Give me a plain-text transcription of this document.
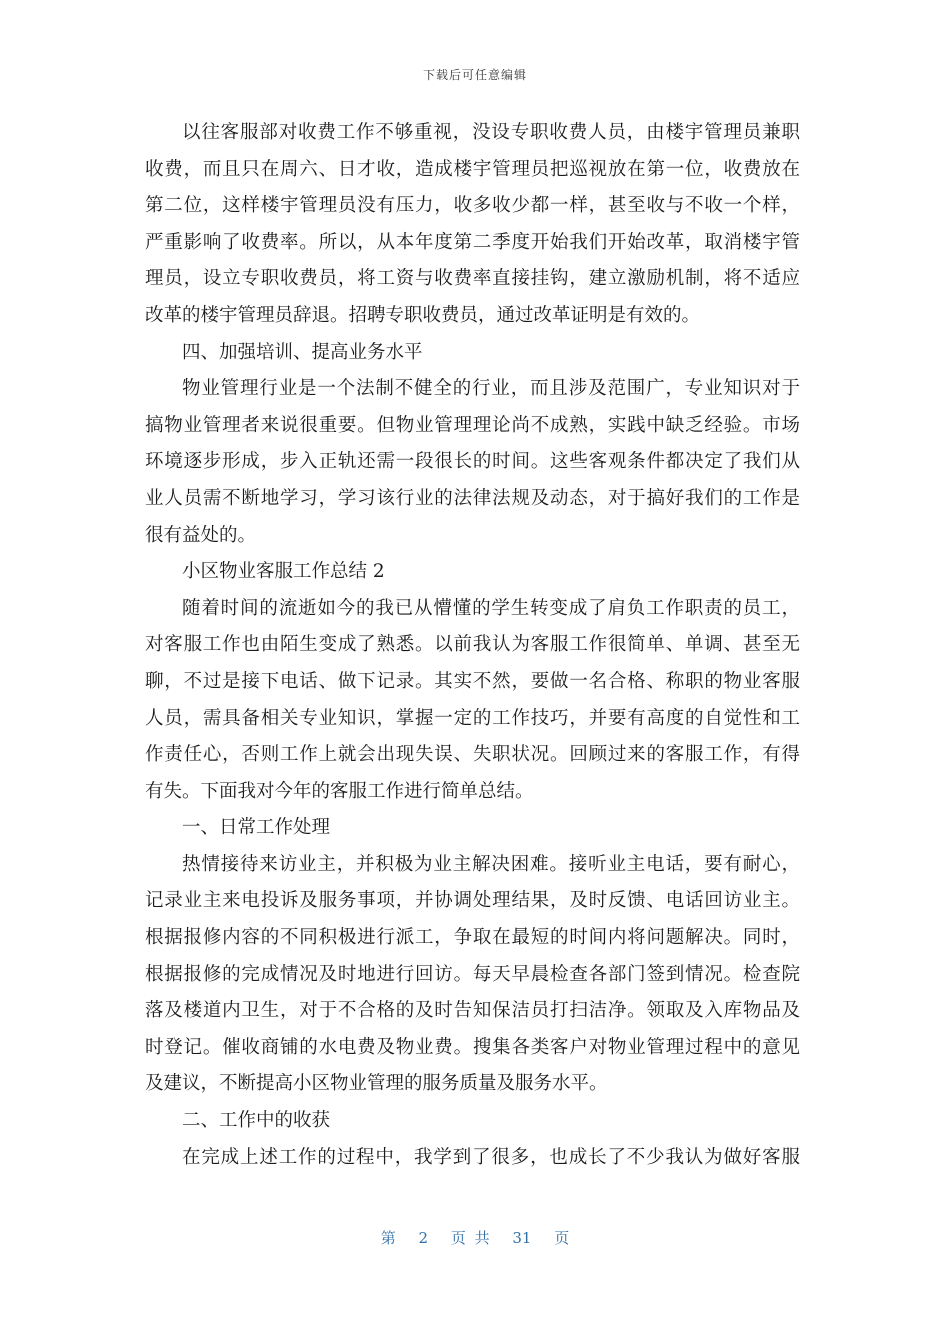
下载后可任意编辑
以往客服部对收费工作不够重视，没设专职收费人员，由楼宇管理员兼职
收费，而且只在周六、日才收，造成楼宇管理员把巡视放在第一位，收费放在
第二位，这样楼宇管理员没有压力，收多收少都一样，甚至收与不收一个样，
严重影响了收费率。所以，从本年度第二季度开始我们开始改革，取消楼宇管
理员，设立专职收费员，将工资与收费率直接挂钩，建立激励机制，将不适应
改革的楼宇管理员辞退。招聘专职收费员，通过改革证明是有效的。
四、加强培训、提高业务水平
物业管理行业是一个法制不健全的行业，而且涉及范围广，专业知识对于
搞物业管理者来说很重要。但物业管理理论尚不成熟，实践中缺乏经验。市场
环境逐步形成，步入正轨还需一段很长的时间。这些客观条件都决定了我们从
业人员需不断地学习，学习该行业的法律法规及动态，对于搞好我们的工作是
很有益处的。
小区物业客服工作总结 2
随着时间的流逝如今的我已从懵懂的学生转变成了肩负工作职责的员工，
对客服工作也由陌生变成了熟悉。以前我认为客服工作很简单、单调、甚至无
聊，不过是接下电话、做下记录。其实不然，要做一名合格、称职的物业客服
人员，需具备相关专业知识，掌握一定的工作技巧，并要有高度的自觉性和工
作责任心，否则工作上就会出现失误、失职状况。回顾过来的客服工作，有得
有失。下面我对今年的客服工作进行简单总结。
一、日常工作处理
热情接待来访业主，并积极为业主解决困难。接听业主电话，要有耐心，
记录业主来电投诉及服务事项，并协调处理结果，及时反馈、电话回访业主。
根据报修内容的不同积极进行派工，争取在最短的时间内将问题解决。同时，
根据报修的完成情况及时地进行回访。每天早晨检查各部门签到情况。检查院
落及楼道内卫生，对于不合格的及时告知保洁员打扫洁净。领取及入库物品及
时登记。催收商铺的水电费及物业费。搜集各类客户对物业管理过程中的意见
及建议，不断提高小区物业管理的服务质量及服务水平。
二、工作中的收获
在完成上述工作的过程中，我学到了很多，也成长了不少我认为做好客服
第 2 页 共 31 页
